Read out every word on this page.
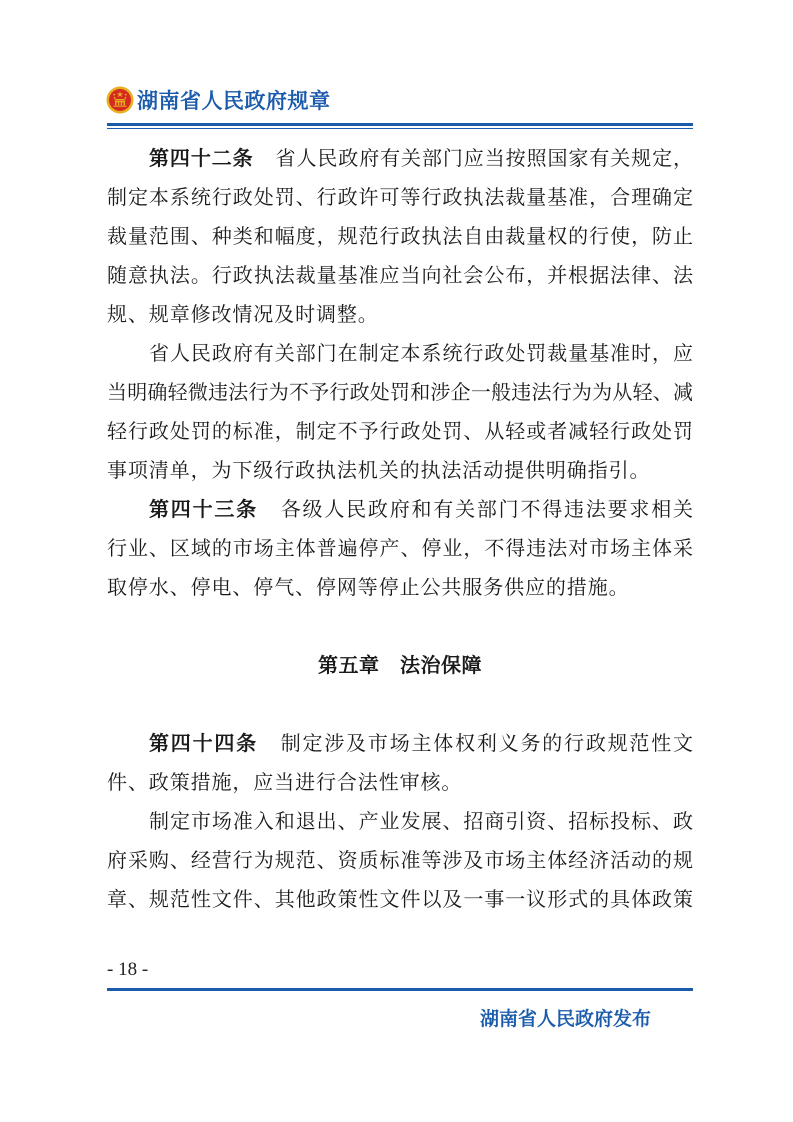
湖南省人民政府规章
第四十二条 省人民政府有关部门应当按照国家有关规定，
制定本系统行政处罚、行政许可等行政执法裁量基准，合理确定
裁量范围、种类和幅度，规范行政执法自由裁量权的行使，防止
随意执法。行政执法裁量基准应当向社会公布，并根据法律、法
规、规章修改情况及时调整。
省人民政府有关部门在制定本系统行政处罚裁量基准时，应
当明确轻微违法行为不予行政处罚和涉企一般违法行为为从轻、减
轻行政处罚的标准，制定不予行政处罚、从轻或者减轻行政处罚
事项清单，为下级行政执法机关的执法活动提供明确指引。
第四十三条 各级人民政府和有关部门不得违法要求相关
行业、区域的市场主体普遍停产、停业，不得违法对市场主体采
取停水、停电、停气、停网等停止公共服务供应的措施。
第五章　法治保障
第四十四条 制定涉及市场主体权利义务的行政规范性文
件、政策措施，应当进行合法性审核。
制定市场准入和退出、产业发展、招商引资、招标投标、政
府采购、经营行为规范、资质标准等涉及市场主体经济活动的规
章、规范性文件、其他政策性文件以及一事一议形式的具体政策
- 18 -
湖南省人民政府发布
